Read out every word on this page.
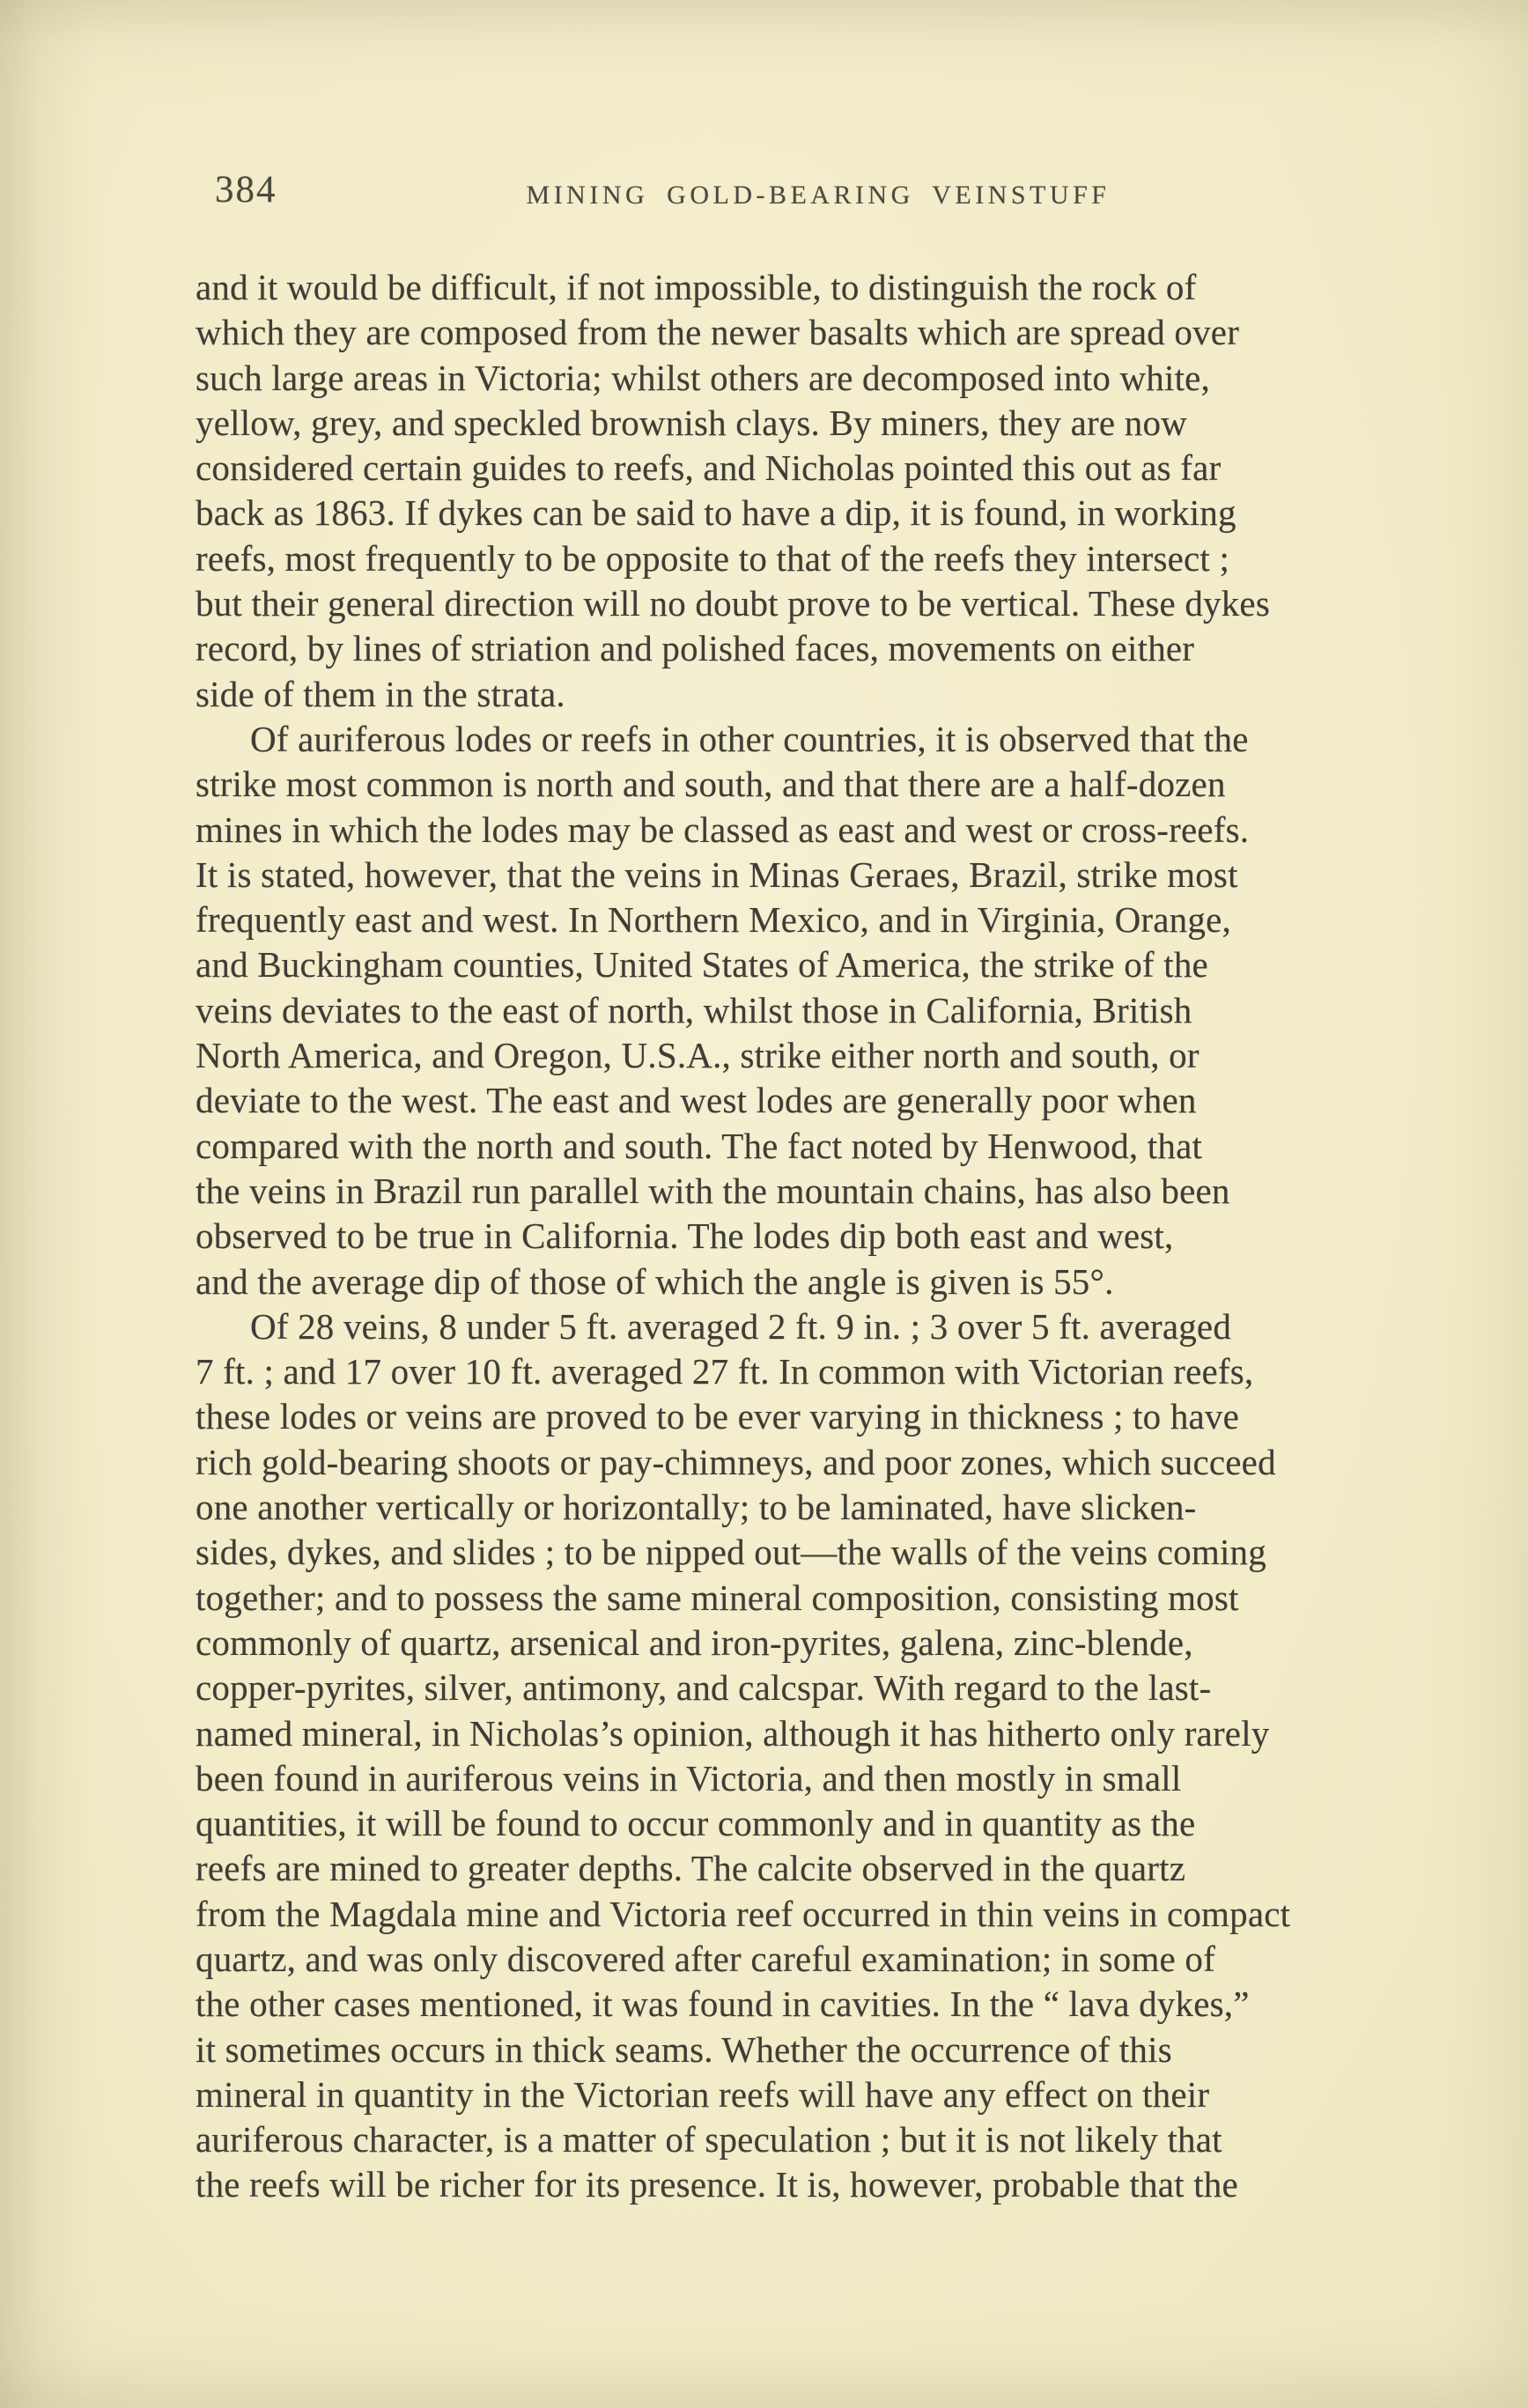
384	MINING GOLD-BEARING VEINSTUFF
and it would be difficult, if not impossible, to distinguish the rock of
which they are composed from the newer basalts which are spread over
such large areas in Victoria; whilst others are decomposed into white,
yellow, grey, and speckled brownish clays. By miners, they are now
considered certain guides to reefs, and Nicholas pointed this out as far
back as 1863. If dykes can be said to have a dip, it is found, in working
reefs, most frequently to be opposite to that of the reefs they intersect ;
but their general direction will no doubt prove to be vertical. These dykes
record, by lines of striation and polished faces, movements on either
side of them in the strata.
Of auriferous lodes or reefs in other countries, it is observed that the
strike most common is north and south, and that there are a half-dozen
mines in which the lodes may be classed as east and west or cross-reefs.
It is stated, however, that the veins in Minas Geraes, Brazil, strike most
frequently east and west. In Northern Mexico, and in Virginia, Orange,
and Buckingham counties, United States of America, the strike of the
veins deviates to the east of north, whilst those in California, British
North America, and Oregon, U.S.A., strike either north and south, or
deviate to the west. The east and west lodes are generally poor when
compared with the north and south. The fact noted by Henwood, that
the veins in Brazil run parallel with the mountain chains, has also been
observed to be true in California. The lodes dip both east and west,
and the average dip of those of which the angle is given is 55°.
Of 28 veins, 8 under 5 ft. averaged 2 ft. 9 in. ; 3 over 5 ft. averaged
7 ft. ; and 17 over 10 ft. averaged 27 ft. In common with Victorian reefs,
these lodes or veins are proved to be ever varying in thickness ; to have
rich gold-bearing shoots or pay-chimneys, and poor zones, which succeed
one another vertically or horizontally; to be laminated, have slicken-
sides, dykes, and slides ; to be nipped out—the walls of the veins coming
together; and to possess the same mineral composition, consisting most
commonly of quartz, arsenical and iron-pyrites, galena, zinc-blende,
copper-pyrites, silver, antimony, and calcspar. With regard to the last-
named mineral, in Nicholas’s opinion, although it has hitherto only rarely
been found in auriferous veins in Victoria, and then mostly in small
quantities, it will be found to occur commonly and in quantity as the
reefs are mined to greater depths. The calcite observed in the quartz
from the Magdala mine and Victoria reef occurred in thin veins in compact
quartz, and was only discovered after careful examination; in some of
the other cases mentioned, it was found in cavities. In the “ lava dykes,”
it sometimes occurs in thick seams. Whether the occurrence of this
mineral in quantity in the Victorian reefs will have any effect on their
auriferous character, is a matter of speculation ; but it is not likely that
the reefs will be richer for its presence. It is, however, probable that the
